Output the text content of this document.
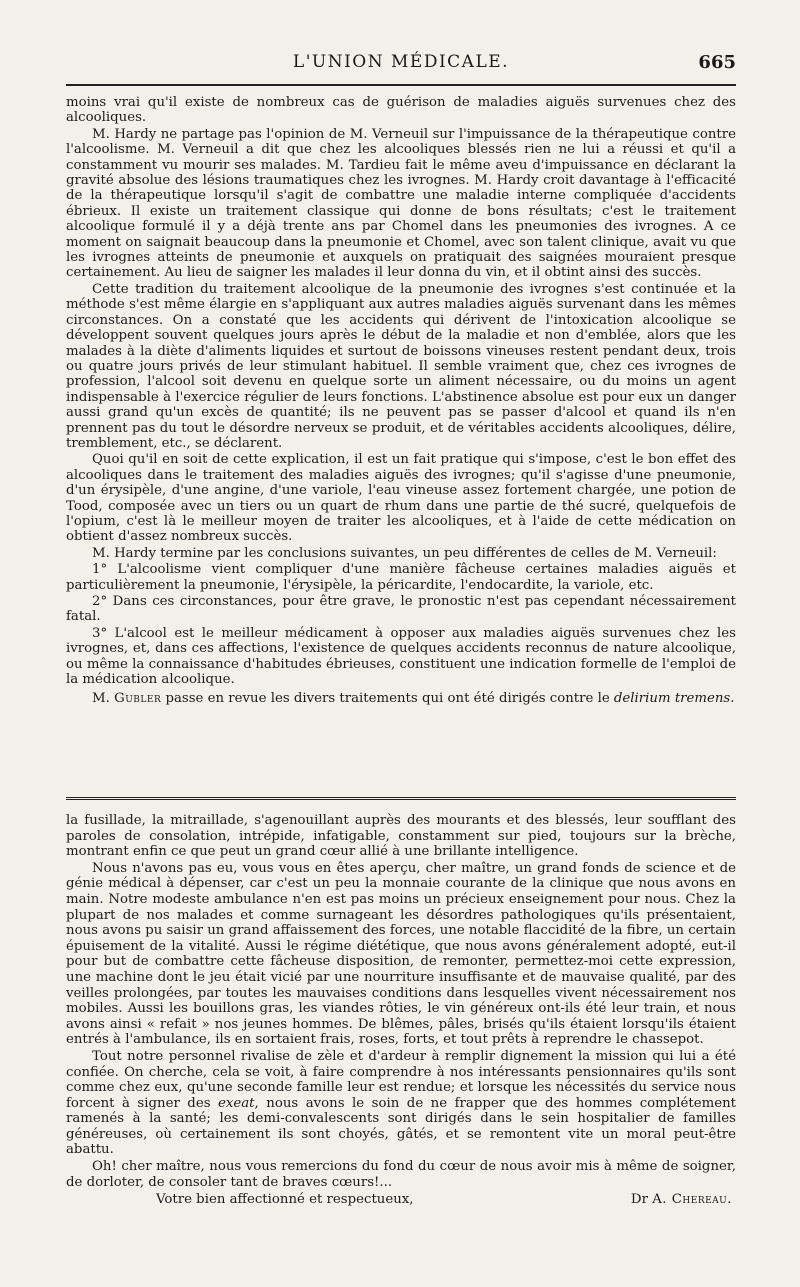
L'UNION MÉDICALE.	665

moins vrai qu'il existe de nombreux cas de guérison de maladies aiguës survenues chez des alcooliques.

M. Hardy ne partage pas l'opinion de M. Verneuil sur l'impuissance de la thérapeutique contre l'alcoolisme. M. Verneuil a dit que chez les alcooliques blessés rien ne lui a réussi et qu'il a constamment vu mourir ses malades. M. Tardieu fait le même aveu d'impuissance en déclarant la gravité absolue des lésions traumatiques chez les ivrognes. M. Hardy croit davantage à l'efficacité de la thérapeutique lorsqu'il s'agit de combattre une maladie interne compliquée d'accidents ébrieux. Il existe un traitement classique qui donne de bons résultats; c'est le traitement alcoolique formulé il y a déjà trente ans par Chomel dans les pneumonies des ivrognes. A ce moment on saignait beaucoup dans la pneumonie et Chomel, avec son talent clinique, avait vu que les ivrognes atteints de pneumonie et auxquels on pratiquait des saignées mouraient presque certainement. Au lieu de saigner les malades il leur donna du vin, et il obtint ainsi des succès.

Cette tradition du traitement alcoolique de la pneumonie des ivrognes s'est continuée et la méthode s'est même élargie en s'appliquant aux autres maladies aiguës survenant dans les mêmes circonstances. On a constaté que les accidents qui dérivent de l'intoxication alcoolique se développent souvent quelques jours après le début de la maladie et non d'emblée, alors que les malades à la diète d'aliments liquides et surtout de boissons vineuses restent pendant deux, trois ou quatre jours privés de leur stimulant habituel. Il semble vraiment que, chez ces ivrognes de profession, l'alcool soit devenu en quelque sorte un aliment nécessaire, ou du moins un agent indispensable à l'exercice régulier de leurs fonctions. L'abstinence absolue est pour eux un danger aussi grand qu'un excès de quantité; ils ne peuvent pas se passer d'alcool et quand ils n'en prennent pas du tout le désordre nerveux se produit, et de véritables accidents alcooliques, délire, tremblement, etc., se déclarent.

Quoi qu'il en soit de cette explication, il est un fait pratique qui s'impose, c'est le bon effet des alcooliques dans le traitement des maladies aiguës des ivrognes; qu'il s'agisse d'une pneumonie, d'un érysipèle, d'une angine, d'une variole, l'eau vineuse assez fortement chargée, une potion de Tood, composée avec un tiers ou un quart de rhum dans une partie de thé sucré, quelquefois de l'opium, c'est là le meilleur moyen de traiter les alcooliques, et à l'aide de cette médication on obtient d'assez nombreux succès.

M. Hardy termine par les conclusions suivantes, un peu différentes de celles de M. Verneuil:

1° L'alcoolisme vient compliquer d'une manière fâcheuse certaines maladies aiguës et particulièrement la pneumonie, l'érysipèle, la péricardite, l'endocardite, la variole, etc.

2° Dans ces circonstances, pour être grave, le pronostic n'est pas cependant nécessairement fatal.

3° L'alcool est le meilleur médicament à opposer aux maladies aiguës survenues chez les ivrognes, et, dans ces affections, l'existence de quelques accidents reconnus de nature alcoolique, ou même la connaissance d'habitudes ébrieuses, constituent une indication formelle de l'emploi de la médication alcoolique.

M. Gubler passe en revue les divers traitements qui ont été dirigés contre le delirium tremens.

la fusillade, la mitraillade, s'agenouillant auprès des mourants et des blessés, leur soufflant des paroles de consolation, intrépide, infatigable, constamment sur pied, toujours sur la brèche, montrant enfin ce que peut un grand cœur allié à une brillante intelligence.

Nous n'avons pas eu, vous vous en êtes aperçu, cher maître, un grand fonds de science et de génie médical à dépenser, car c'est un peu la monnaie courante de la clinique que nous avons en main. Notre modeste ambulance n'en est pas moins un précieux enseignement pour nous. Chez la plupart de nos malades et comme surnageant les désordres pathologiques qu'ils présentaient, nous avons pu saisir un grand affaissement des forces, une notable flaccidité de la fibre, un certain épuisement de la vitalité. Aussi le régime diététique, que nous avons généralement adopté, eut-il pour but de combattre cette fâcheuse disposition, de remonter, permettez-moi cette expression, une machine dont le jeu était vicié par une nourriture insuffisante et de mauvaise qualité, par des veilles prolongées, par toutes les mauvaises conditions dans lesquelles vivent nécessairement nos mobiles. Aussi les bouillons gras, les viandes rôties, le vin généreux ont-ils été leur train, et nous avons ainsi « refait » nos jeunes hommes. De blêmes, pâles, brisés qu'ils étaient lorsqu'ils étaient entrés à l'ambulance, ils en sortaient frais, roses, forts, et tout prêts à reprendre le chassepot.

Tout notre personnel rivalise de zèle et d'ardeur à remplir dignement la mission qui lui a été confiée. On cherche, cela se voit, à faire comprendre à nos intéressants pensionnaires qu'ils sont comme chez eux, qu'une seconde famille leur est rendue; et lorsque les nécessités du service nous forcent à signer des exeat, nous avons le soin de ne frapper que des hommes complétement ramenés à la santé; les demi-convalescents sont dirigés dans le sein hospitalier de familles généreuses, où certainement ils sont choyés, gâtés, et se remontent vite un moral peut-être abattu.

Oh! cher maître, nous vous remercions du fond du cœur de nous avoir mis à même de soigner, de dorloter, de consoler tant de braves cœurs!...

Votre bien affectionné et respectueux,	Dr A. Chereau.
